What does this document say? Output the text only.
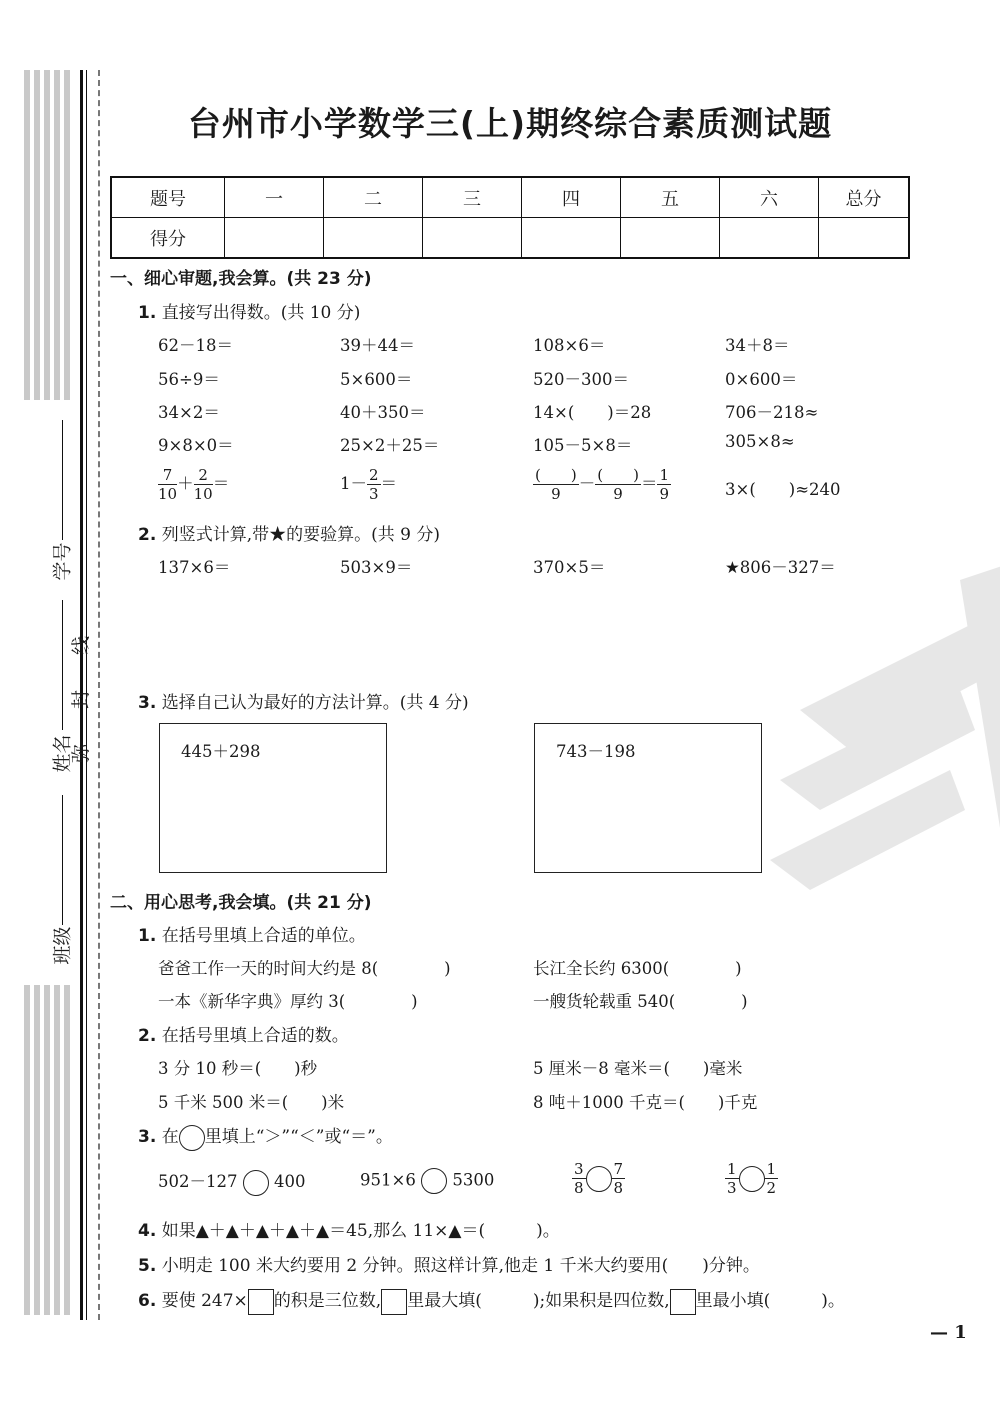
学号
姓名
班级
弥
封
线
台州市小学数学三(上)期终综合素质测试题
题号	一	二	三	四	五	六	总分
得分							
一、细心审题,我会算。(共 23 分)
1. 直接写出得数。(共 10 分)
62－18＝	39＋44＝	108×6＝	34＋8＝
56÷9＝	5×600＝	520－300＝	0×600＝
34×2＝	40＋350＝	14×(　　)＝28	706－218≈
9×8×0＝	25×2＋25＝	105－5×8＝	305×8≈
$\frac{7}{10} + \frac{2}{10}$ ＝	$1- \frac{2}{3}$ ＝	$\frac{( )}{9} - \frac{( )}{9} = \frac{1}{9}$	3×(　　)≈240
2. 列竖式计算,带★的要验算。(共 9 分)
137×6＝	503×9＝	370×5＝	★806－327＝
3. 选择自己认为最好的方法计算。(共 4 分)
445＋298	743－198
二、用心思考,我会填。(共 21 分)
1. 在括号里填上合适的单位。
爸爸工作一天的时间大约是 8(　　　　)	长江全长约 6300(　　　　)
一本《新华字典》厚约 3(　　　　)	一艘货轮载重 540(　　　　)
2. 在括号里填上合适的数。
3 分 10 秒＝(　　)秒	5 厘米－8 毫米＝(　　)毫米
5 千米 500 米＝(　　)米	8 吨＋1000 千克＝(　　)千克
3. 在 里填上“＞”“＜”或“＝”。
502－127 400	951×6 5300	$\frac{3}{8} \frac{7}{8}$	$\frac{1}{3} \frac{1}{2}$
4. 如果▲＋▲＋▲＋▲＋▲＝45,那么 11×▲＝(　　　)。
5. 小明走 100 米大约要用 2 分钟。照这样计算,他走 1 千米大约要用(　　)分钟。
6. 要使 247× 的积是三位数, 里最大填(　　　);如果积是四位数, 里最小填(　　　)。
— 1
